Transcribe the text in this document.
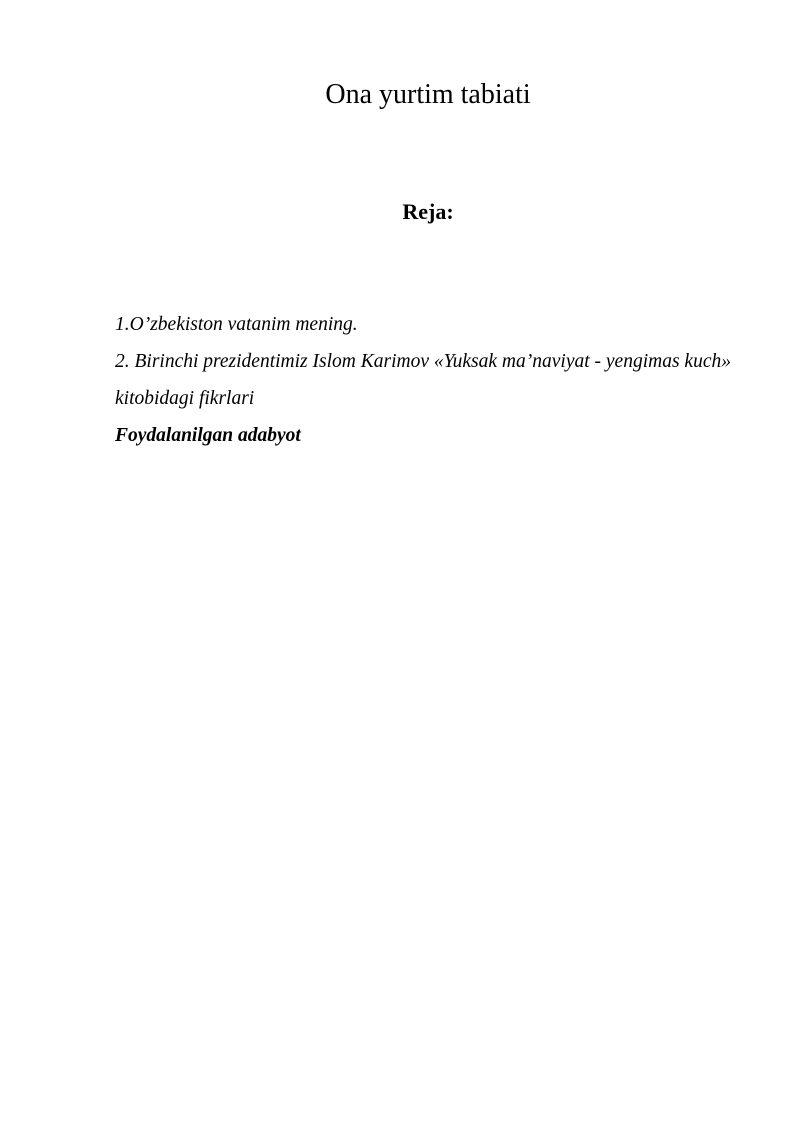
Ona yurtim tabiati
Reja:
1.O’zbekiston vatanim mening.
2. Birinchi prezidentimiz Islom Karimov «Yuksak ma’naviyat - yengimas kuch» kitobidagi fikrlari
Foydalanilgan adabyot
